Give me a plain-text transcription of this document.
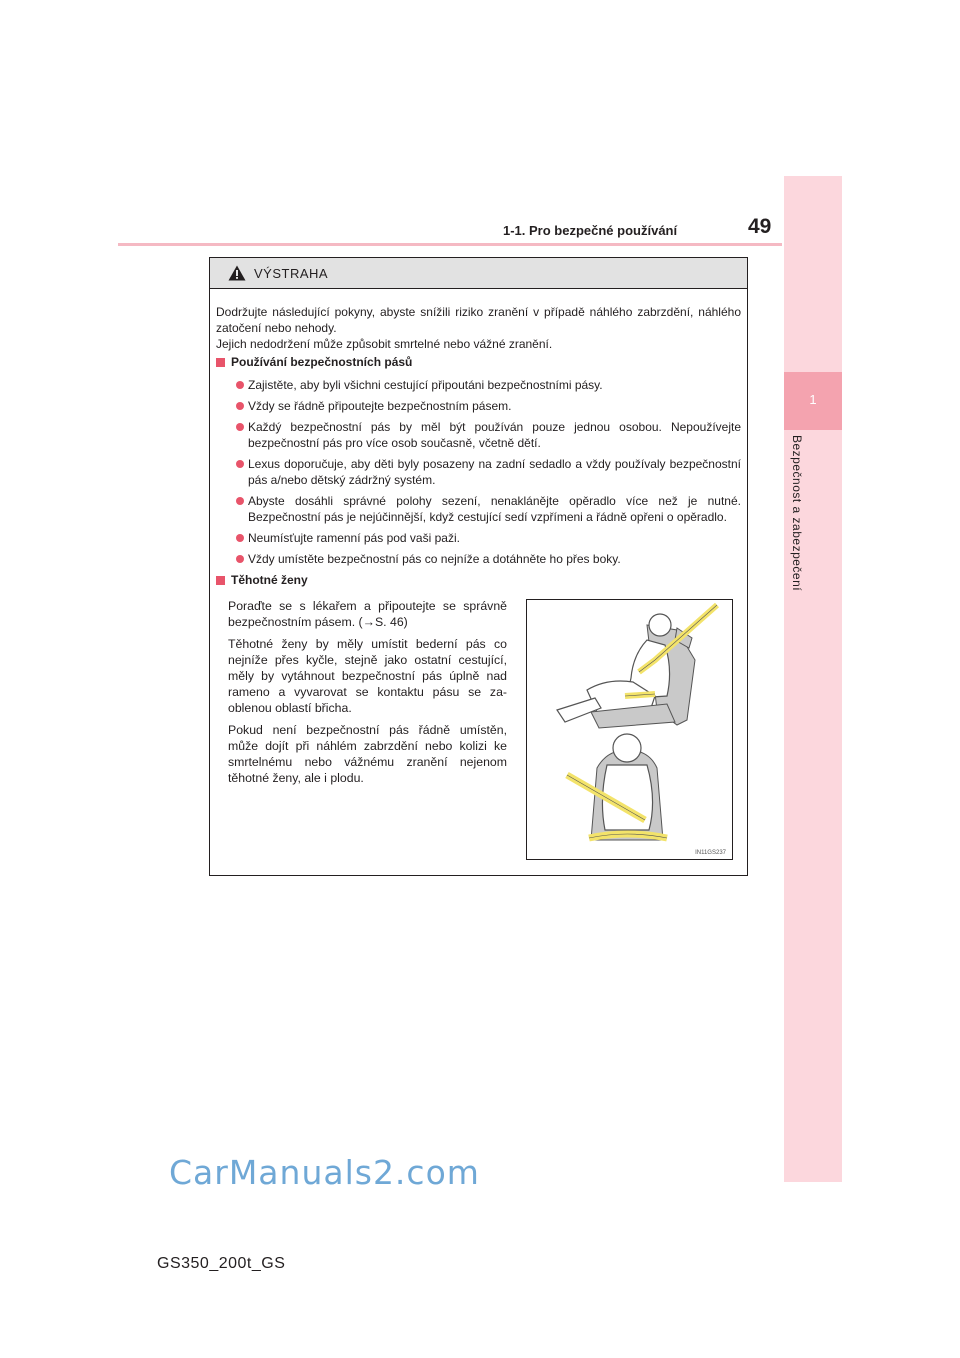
1-1. Pro bezpečné používání	49
1
Bezpečnost a zabezpečení
VÝSTRAHA

Dodržujte následující pokyny, abyste snížili riziko zranění v případě náhlého zabrzdění, náhlého zatočení nebo nehody.
Jejich nedodržení může způsobit smrtelné nebo vážné zranění.

Používání bezpečnostních pásů
Zajistěte, aby byli všichni cestující připoutáni bezpečnostními pásy.
Vždy se řádně připoutejte bezpečnostním pásem.
Každý bezpečnostní pás by měl být používán pouze jednou osobou. Nepoužívejte bezpečnostní pás pro více osob současně, včetně dětí.
Lexus doporučuje, aby děti byly posazeny na zadní sedadlo a vždy používaly bezpečnostní pás a/nebo dětský zádržný systém.
Abyste dosáhli správné polohy sezení, nenaklánějte opěradlo více než je nutné. Bezpečnostní pás je nejúčinnější, když cestující sedí vzpřímeni a řádně opřeni o opěradlo.
Neumísťujte ramenní pás pod vaši paži.
Vždy umístěte bezpečnostní pás co nejníže a dotáhněte ho přes boky.
Těhotné ženy

Poraďte se s lékařem a připoutejte se správně bezpečnostním pásem. (→S. 46)

Těhotné ženy by měly umístit bederní pás co nejníže přes kyčle, stejně jako ostatní cestující, měly by vytáhnout bezpečnostní pás úplně nad rameno a vyvarovat se kontaktu pásu se za-oblenou oblastí břicha.

Pokud není bezpečnostní pás řádně umístěn, může dojít při náhlém zabrzdění nebo kolizi ke smrtelnému nebo vážnému zranění nejenom těhotné ženy, ale i plodu.

IN11GS237
CarManuals2.com
GS350_200t_GS
